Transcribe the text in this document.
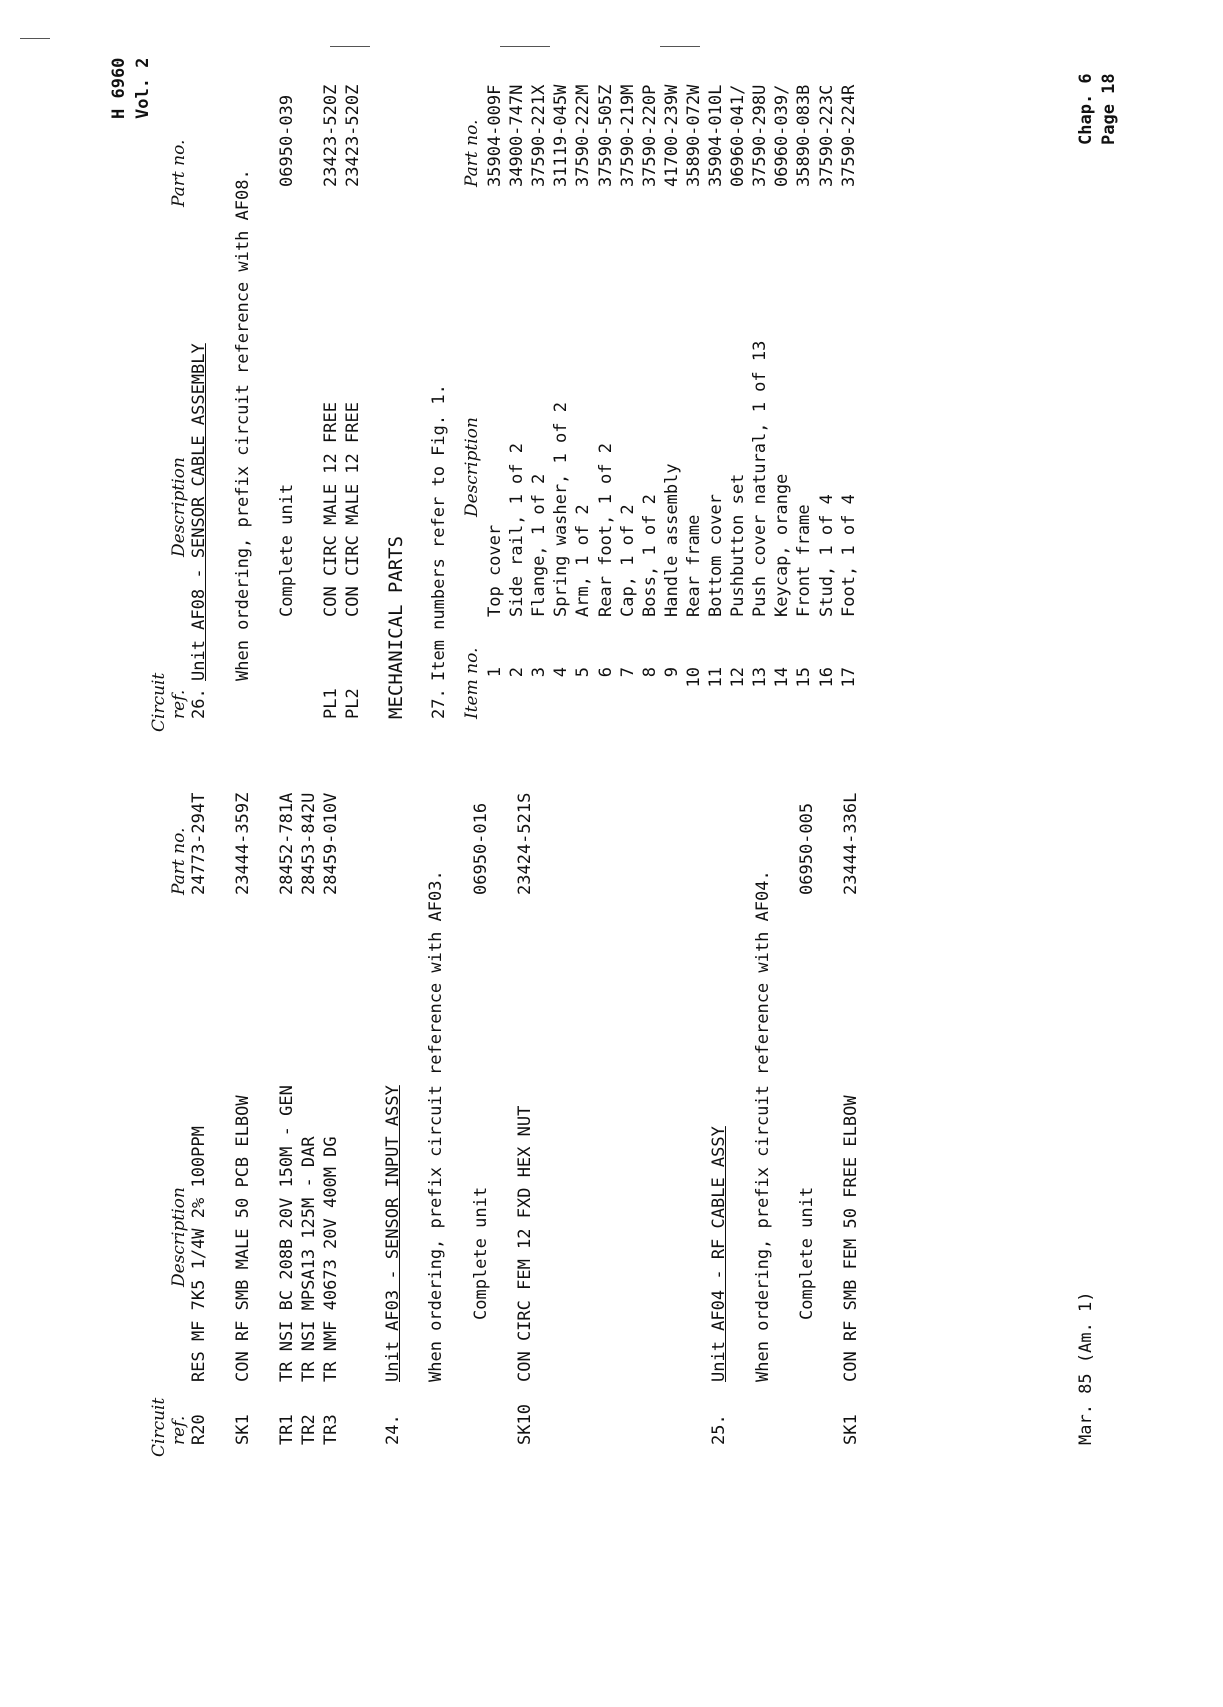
H 6960 Vol. 2
Circuit ref.
Description
Part no.
R20
RES MF 7K5 1/4W 2% 100PPM
24773-294T
SK1
CON RF SMB MALE 50 PCB ELBOW
23444-359Z
TR1
TR NSI BC 208B 20V 150M - GEN
28452-781A
TR2
TR NSI MPSA13 125M - DAR
28453-842U
TR3
TR NMF 40673 20V 400M DG
28459-010V
24.
Unit AF03 - SENSOR INPUT ASSY When ordering, prefix circuit reference with AF03. Complete unit
06950-016
SK10
CON CIRC FEM 12 FXD HEX NUT
23424-521S
25.
Unit AF04 - RF CABLE ASSY When ordering, prefix circuit reference with AF04. Complete unit
06950-005
SK1
CON RF SMB FEM 50 FREE ELBOW
23444-336L
Circuit ref.
Description
Part no.
26.
Unit AF08 - SENSOR CABLE ASSEMBLY When ordering, prefix circuit reference with AF08. Complete unit
06950-039
PL1
CON CIRC MALE 12 FREE
23423-520Z
PL2
CON CIRC MALE 12 FREE
23423-520Z
MECHANICAL PARTS 27.
Item numbers refer to Fig. 1.
Item no.
Description
Part no.
1
Top cover
35904-009F
2
Side rail, 1 of 2
34900-747N
3
Flange, 1 of 2
37590-221X
4
Spring washer, 1 of 2
31119-045W
5
Arm, 1 of 2
37590-222M
6
Rear foot, 1 of 2
37590-505Z
7
Cap, 1 of 2
37590-219M
8
Boss, 1 of 2
37590-220P
9
Handle assembly
41700-239W
10
Rear frame
35890-072W
11
Bottom cover
35904-010L
12
Pushbutton set
06960-041/
13
Push cover natural, 1 of 13
37590-298U
14
Keycap, orange
06960-039/
15
Front frame
35890-083B
16
Stud, 1 of 4
37590-223C
17
Foot, 1 of 4
37590-224R
Mar. 85 (Am. 1)
Chap. 6 Page 18
